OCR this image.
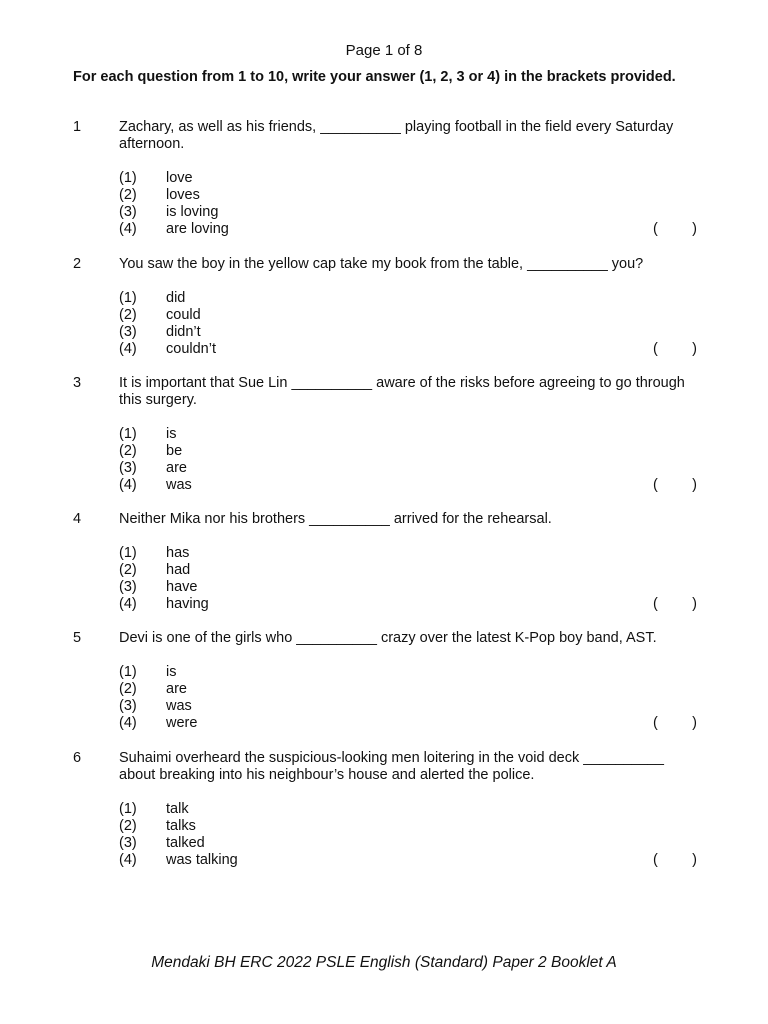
Page 1 of 8
For each question from 1 to 10, write your answer (1, 2, 3 or 4) in the brackets provided.
1	Zachary, as well as his friends, __________ playing football in the field every Saturday afternoon.
(1) love
(2) loves
(3) is loving
(4) are loving	( )
2	You saw the boy in the yellow cap take my book from the table, __________ you?
(1) did
(2) could
(3) didn’t
(4) couldn’t	( )
3	It is important that Sue Lin __________ aware of the risks before agreeing to go through this surgery.
(1) is
(2) be
(3) are
(4) was	( )
4	Neither Mika nor his brothers __________ arrived for the rehearsal.
(1) has
(2) had
(3) have
(4) having	( )
5	Devi is one of the girls who __________ crazy over the latest K-Pop boy band, AST.
(1) is
(2) are
(3) was
(4) were	( )
6	Suhaimi overheard the suspicious-looking men loitering in the void deck __________ about breaking into his neighbour’s house and alerted the police.
(1) talk
(2) talks
(3) talked
(4) was talking	( )
Mendaki BH ERC 2022 PSLE English (Standard) Paper 2 Booklet A
